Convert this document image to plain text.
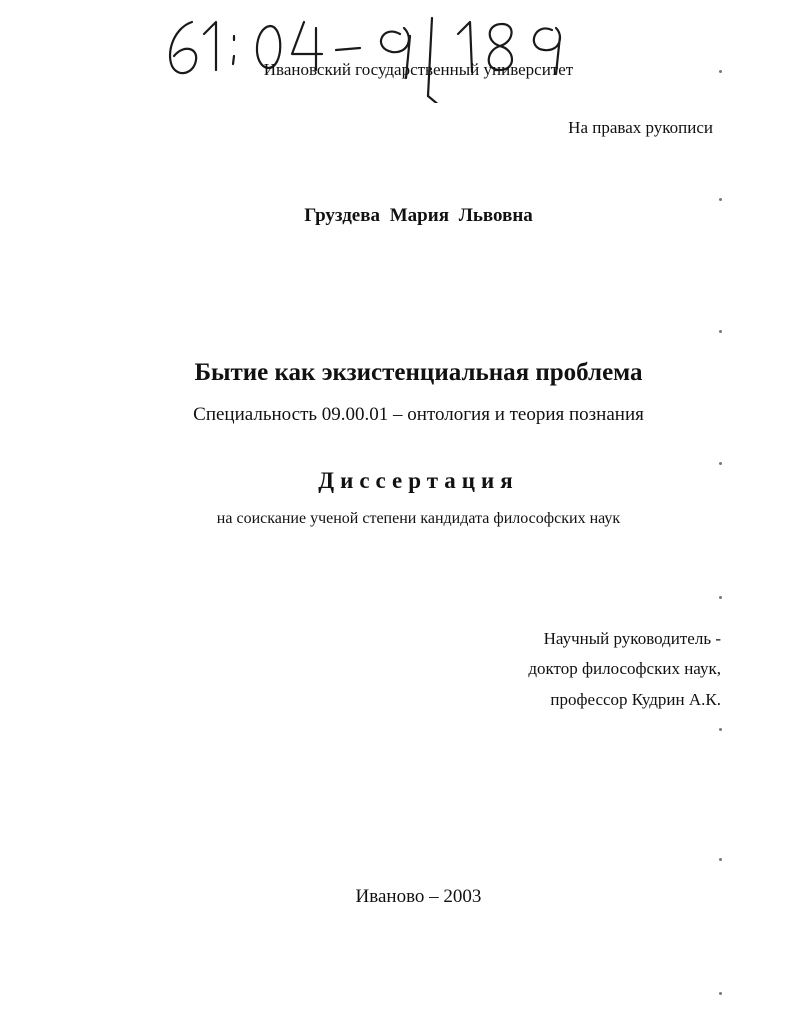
Ивановский государственный университет
На правах рукописи
Груздева Мария Львовна
Бытие как экзистенциальная проблема
Специальность 09.00.01 – онтология и теория познания
Диссертация
на соискание ученой степени кандидата философских наук
Научный руководитель -
доктор философских наук,
профессор Кудрин А.К.
Иваново – 2003
